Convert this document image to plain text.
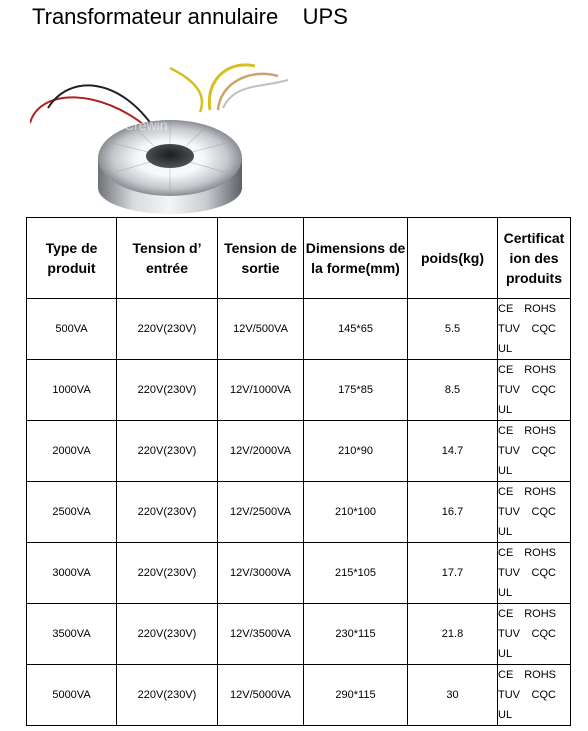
Transformateur annulaire    UPS
Crewin
Type de produit	Tension d’ entrée	Tension de sortie	Dimensions de la forme(mm)	poids(kg)	Certificat ion des produits
500VA	220V(230V)	12V/500VA	145*65	5.5	CE ROHS
TUV CQC
UL

1000VA	220V(230V)	12V/1000VA	175*85	8.5	CE ROHS
TUV CQC
UL

2000VA	220V(230V)	12V/2000VA	210*90	14.7	CE ROHS
TUV CQC
UL

2500VA	220V(230V)	12V/2500VA	210*100	16.7	CE ROHS
TUV CQC
UL

3000VA	220V(230V)	12V/3000VA	215*105	17.7	CE ROHS
TUV CQC
UL

3500VA	220V(230V)	12V/3500VA	230*115	21.8	CE ROHS
TUV CQC
UL

5000VA	220V(230V)	12V/5000VA	290*115	30	CE ROHS
TUV CQC
UL
